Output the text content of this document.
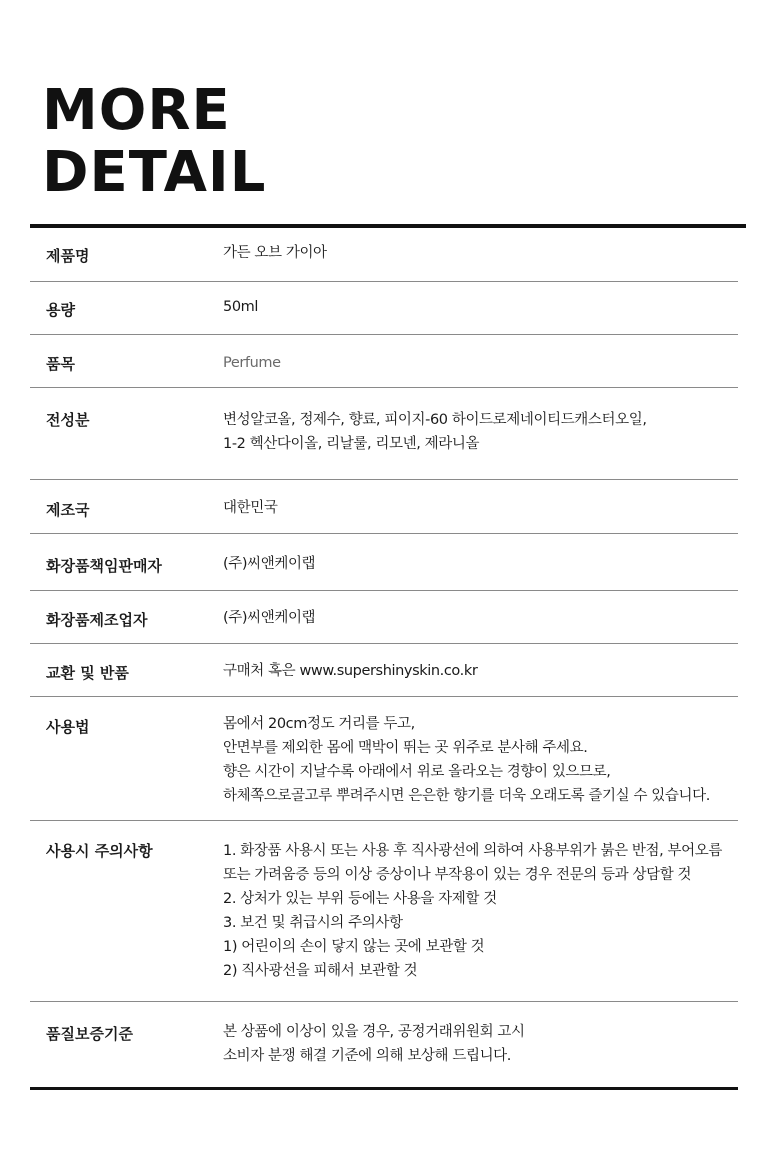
MORE
DETAIL
제품명	가든 오브 가이아
용량	50ml
품목	Perfume
전성분	변성알코올, 정제수, 향료, 피이지-60 하이드로제네이티드캐스터오일,
1-2 헥산다이올, 리날룰, 리모넨, 제라니올
제조국	대한민국
화장품책임판매자	(주)씨앤케이랩
화장품제조업자	(주)씨앤케이랩
교환 및 반품	구매처 혹은 www.supershinyskin.co.kr
사용법	몸에서 20cm정도 거리를 두고,
안면부를 제외한 몸에 맥박이 뛰는 곳 위주로 분사해 주세요.
향은 시간이 지날수록 아래에서 위로 올라오는 경향이 있으므로,
하체쪽으로골고루 뿌려주시면 은은한 향기를 더욱 오래도록 즐기실 수 있습니다.
사용시 주의사항	1. 화장품 사용시 또는 사용 후 직사광선에 의하여 사용부위가 붉은 반점, 부어오름
또는 가려움증 등의 이상 증상이나 부작용이 있는 경우 전문의 등과 상담할 것
2. 상처가 있는 부위 등에는 사용을 자제할 것
3. 보건 및 취급시의 주의사항
1) 어린이의 손이 닿지 않는 곳에 보관할 것
2) 직사광선을 피해서 보관할 것
품질보증기준	본 상품에 이상이 있을 경우, 공정거래위원회 고시
소비자 분쟁 해결 기준에 의해 보상해 드립니다.
